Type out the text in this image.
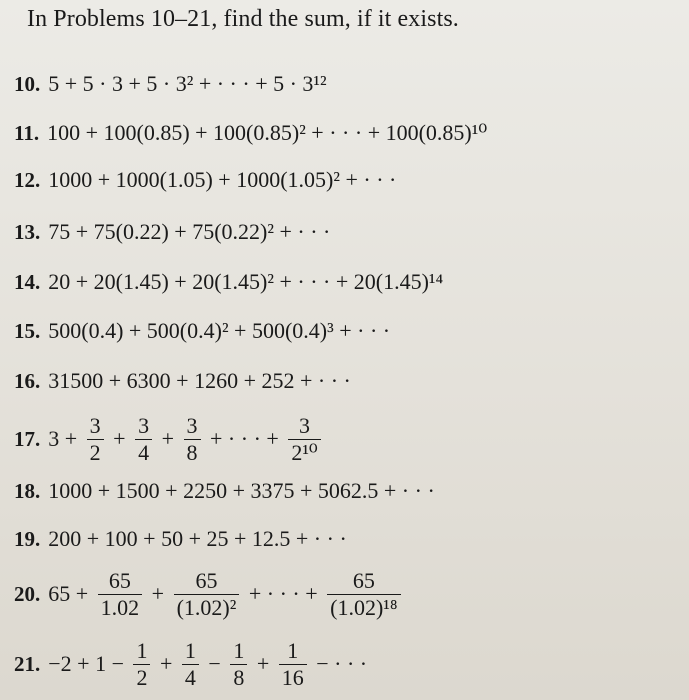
In Problems 10–21, find the sum, if it exists.
10. 5 + 5 · 3 + 5 · 3² + · · · + 5 · 3¹²
11. 100 + 100(0.85) + 100(0.85)² + · · · + 100(0.85)¹⁰
12. 1000 + 1000(1.05) + 1000(1.05)² + · · ·
13. 75 + 75(0.22) + 75(0.22)² + · · ·
14. 20 + 20(1.45) + 20(1.45)² + · · · + 20(1.45)¹⁴
15. 500(0.4) + 500(0.4)² + 500(0.4)³ + · · ·
16. 31500 + 6300 + 1260 + 252 + · · ·
17. $3 + \frac{3}{2} + \frac{3}{4} + \frac{3}{8}$ + · · · + $\frac{3}{\text{2¹⁰}}$
18. 1000 + 1500 + 2250 + 3375 + 5062.5 + · · ·
19. 200 + 100 + 50 + 25 + 12.5 + · · ·
20. $65 + \frac{65}{1.02} + \frac{65}{\text{(1.02)²}}$ + · · · + $\frac{65}{\text{(1.02)¹⁸}}$
21. $-2 + 1 - \frac{1}{2} + \frac{1}{4} - \frac{1}{8} + \frac{1}{16}$ − · · ·
